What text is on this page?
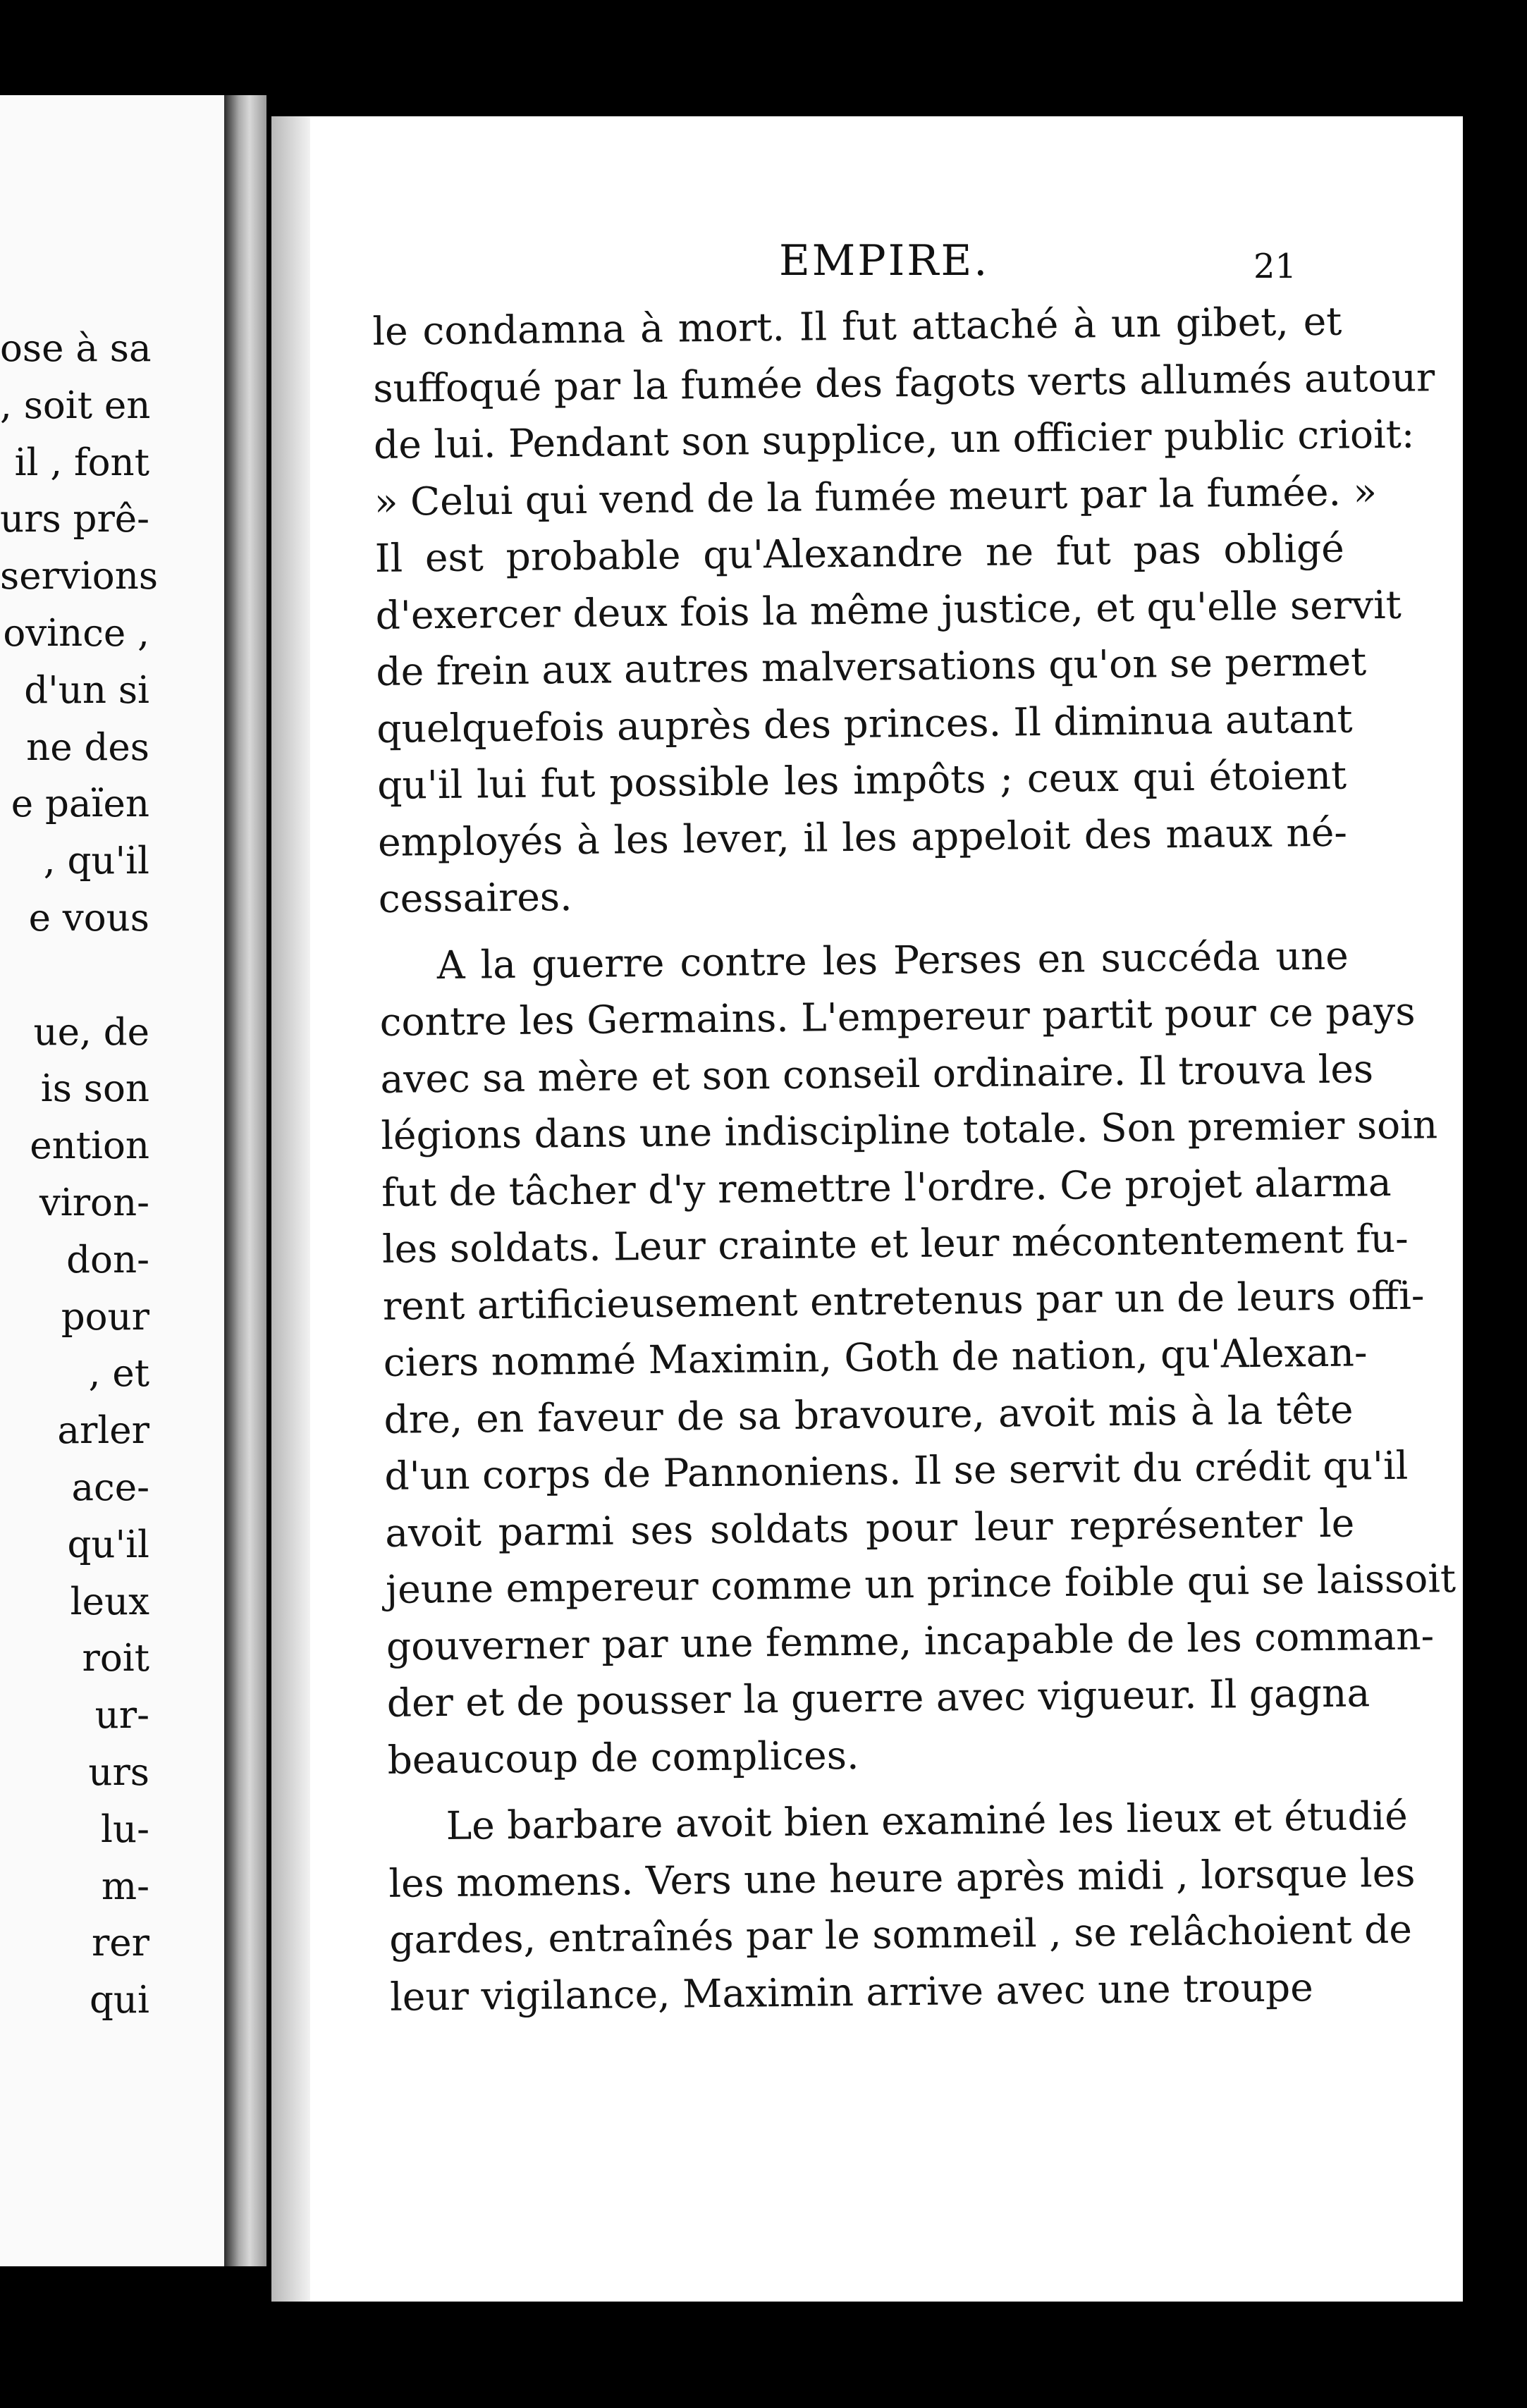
ose à sa
, soit en
il , font
urs prê-
servions
ovince ,
d'un si
ne des
e païen
, qu'il
e vous
ue, de
is son
ention
viron-
don-
pour
, et
arler
ace-
qu'il
leux
roit
ur-
urs
lu-
m-
rer
qui
EMPIRE.	21
le condamna à mort. Il fut attaché à un gibet, et
suffoqué par la fumée des fagots verts allumés autour
de lui. Pendant son supplice, un officier public crioit:
» Celui qui vend de la fumée meurt par la fumée. »
Il est probable qu'Alexandre ne fut pas obligé
d'exercer deux fois la même justice, et qu'elle servit
de frein aux autres malversations qu'on se permet
quelquefois auprès des princes. Il diminua autant
qu'il lui fut possible les impôts ; ceux qui étoient
employés à les lever, il les appeloit des maux né-
cessaires.
A la guerre contre les Perses en succéda une
contre les Germains. L'empereur partit pour ce pays
avec sa mère et son conseil ordinaire. Il trouva les
légions dans une indiscipline totale. Son premier soin
fut de tâcher d'y remettre l'ordre. Ce projet alarma
les soldats. Leur crainte et leur mécontentement fu-
rent artificieusement entretenus par un de leurs offi-
ciers nommé Maximin, Goth de nation, qu'Alexan-
dre, en faveur de sa bravoure, avoit mis à la tête
d'un corps de Pannoniens. Il se servit du crédit qu'il
avoit parmi ses soldats pour leur représenter le
jeune empereur comme un prince foible qui se laissoit
gouverner par une femme, incapable de les comman-
der et de pousser la guerre avec vigueur. Il gagna
beaucoup de complices.
Le barbare avoit bien examiné les lieux et étudié
les momens. Vers une heure après midi , lorsque les
gardes, entraînés par le sommeil , se relâchoient de
leur vigilance, Maximin arrive avec une troupe
